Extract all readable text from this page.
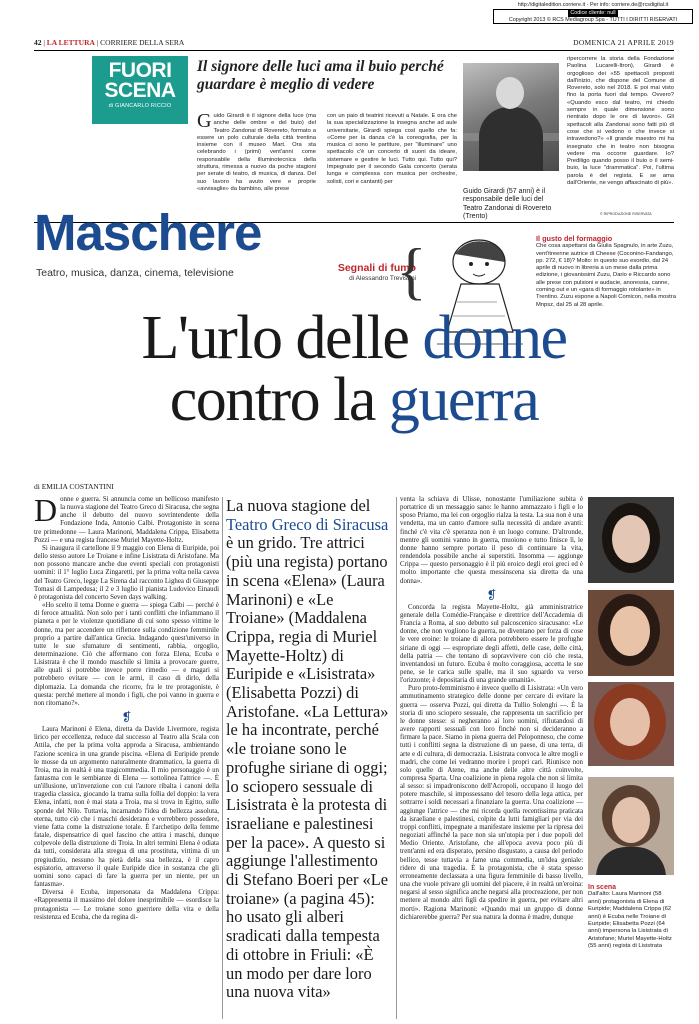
http://digitaledition.corriere.it - Per info: corriere.de@rcsdigital.it
Codice cliente: null
Copyright 2013 © RCS Mediagroup Spa - TUTTI I DIRITTI RISERVATI
42 | LA LETTURA | CORRIERE DELLA SERA	DOMENICA 21 APRILE 2019
FUORI
SCENA
di GIANCARLO RICCIO
Il signore delle luci ama il buio perché guardare è meglio di vedere
Guido Girardi è il signore della luce (ma anche delle ombre e del buio) del Teatro Zandonai di Rovereto, formato a essere un polo culturale della città trentina insieme con il museo Mart. Ora sta celebrando i (primi) vent'anni come responsabile della illuminotecnica della struttura, rimessa a nuovo da poche stagioni per serate di teatro, di musica, di danza. Del suo lavoro ha avuto vere e proprie «avvisaglie» da bambino, alle prese
con un paio di teatrini ricevuti a Natale. E ora che la sua specializzazione la insegna anche ad aule universitarie, Girardi spiega così quello che fa: «Come per la danza c'è la coreografia, per la musica ci sono le partiture, per "illuminare" uno spettacolo c'è un concerto di suoni da ideare, sistemare e gestire le luci. Tutto qui. Tutto qui? Impegnato per il secondo Gala concerto (serata lunga e complessa con musica per orchestre, solisti, cori e cantanti) per
ripercorrere la storia della Fondazione Paolina Lucarelli-Itron), Girardi è orgoglioso dei «55 spettacoli proposti dall'inizio, che dispone del Comune di Rovereto, solo nel 2018. E poi mai visto fino la porta fuori dal tempo. Ovvero? «Quando esco dal teatro, mi chiedo sempre in quale dimensione sono rientrato dopo le ore di lavoro». Gli spettacoli alla Zandonai sono fatti più di cose che si vedono o che invece si intravedono?» «Il grande maestro mi ha insegnato che in teatro non bisogna vedere ma occorre guardare. Io? Prediligo quando posso il buio o il semi-buio, la luce "drammatica". Poi, l'ultima parola è del regista. E se ama dall'Oriente, ne vengo affascinato di più».
Guido Girardi (57 anni) è il responsabile delle luci del Teatro Zandonai di Rovereto (Trento)	© RIPRODUZIONE RISERVATA
Maschere
Teatro, musica, danza, cinema, televisione	Segnali di fumo
di Alessandro Trevisani
{	Il gusto del formaggio
Che cosa aspettarsi da Giulia Spagnulo, in arte Zuzu, vent'itreenne autrice di Cheese (Coconino-Fandango, pp. 272, € 18)? Molto: in questo suo esordio, dal 24 aprile di nuovo in libreria a un mese dalla prima edizione, i giovanissimi Zuzu, Dario e Riccardo sono alle prese con pulsioni e audacie, anoressia, canne, coming out e un «gara di formaggio rotolante» in Trentino. Zuzu espone a Napoli Comicon, nella mostra Mnpsz, dal 25 al 28 aprile.
L'urlo delle donne
contro la guerra
di EMILIA COSTANTINI

Donne e guerra. Si annuncia come un bellicoso manifesto la nuova stagione del Teatro Greco di Siracusa, che segna anche il debutto del nuovo sovrintendente della Fondazione Inda, Antonio Calbi. Protagoniste in scena tre primedonne — Laura Marinoni, Maddalena Crippa, Elisabetta Pozzi — e una regista francese Muriel Mayette-Holtz.

Si inaugura il cartellone il 9 maggio con Elena di Euripide, poi dello stesso autore Le Troiane e infine Lisistrata di Aristofane. Ma non possono mancare anche due eventi speciali con protagonisti uomini: il 1° luglio Luca Zingaretti, per la prima volta nella cavea del Teatro Greco, legge La Sirena dal racconto Lighea di Giuseppe Tomasi di Lampedusa; il 2 e 3 luglio il pianista Ludovico Einaudi è protagonista del concerto Seven days walking.

«Ho scelto il tema Donne e guerra — spiega Calbi — perché è di feroce attualità. Non solo per i tanti conflitti che infiammano il pianeta e per le violenze quotidiane di cui sono spesso vittime le donne, ma per accendere un riflettore sulla condizione femminile proprio a partire dall'antica Grecia. Indagando quest'universo in tutte le sue sfumature di sentimenti, rabbia, orgoglio, determinazione. Ciò che affermano con forza Elena, Ecuba e Lisistrata è che il mondo maschile si limita a provocare guerre, alle quali si potrebbe invece porre rimedio — e magari si potrebbero evitare — con le armi, il caso di dirlo, della diplomazia. La domanda che ricorre, fra le tre protagoniste, è questa: perché mettere al mondo i figli, che poi vanno in guerra e non ritornano?».

❡

Laura Marinoni è Elena, diretta da Davide Livermore, regista lirico per eccellenza, reduce dal successo al Teatro alla Scala con Attila, che per la prima volta approda a Siracusa, ambientando l'azione scenica in una grande piscina. «Elena di Euripide prende le mosse da un argomento naturalmente drammatico, la guerra di Troia, ma in realtà è una tragicommedia. Il mio personaggio è un fantasma con le sembianze di Elena — sottolinea l'attrice —. È un'illusione, un'invenzione con cui l'autore ribalta i canoni della tragedia classica, giocando la trama sulla follia del doppio: la vera Elena, infatti, non è mai stata a Troia, ma si trova in Egitto, sulle sponde del Nilo. Tuttavia, incarnando l'idea di bellezza assoluta, eterna, tutto ciò che i maschi desiderano e vorrebbero possedere, viene fatta come la distruzione totale. È l'archetipo della femme fatale, dispensatrice di quel fascino che attira i maschi, dunque colpevole della distruzione di Troia. In altri termini Elena è odiata da tutti, considerata alla stregua di una prostituta, vittima di un pregiudizio, nessuno ha pietà della sua bellezza, è il capro espiatorio, attraverso il quale Euripide dice in sostanza che gli uomini sono capaci di fare la guerra per un niente, per un fantasma».

Diversa è Ecuba, impersonata da Maddalena Crippa: «Rappresenta il massimo del dolore inesprimibile — esordisce la protagonista — Le troiane sono guerriere della vita e della resistenza ed Ecuba, che da regina di-

La nuova stagione del Teatro Greco di Siracusa è un grido. Tre attrici (più una regista) portano in scena «Elena» (Laura Marinoni) e «Le Troiane» (Maddalena Crippa, regia di Muriel Mayette-Holtz) di Euripide e «Lisistrata» (Elisabetta Pozzi) di Aristofane. «La Lettura» le ha incontrate, perché «le troiane sono le profughe siriane di oggi; lo sciopero sessuale di Lisistrata è la protesta di israeliane e palestinesi per la pace». A questo si aggiunge l'allestimento di Stefano Boeri per «Le troiane» (a pagina 45): ho usato gli alberi sradicati dalla tempesta di ottobre in Friuli: «È un modo per dare loro una nuova vita»

venta la schiava di Ulisse, nonostante l'umiliazione subita è portatrice di un messaggio sano: le hanno ammazzato i figli e lo sposo Priamo, ma lei con orgoglio rialza la testa. La sua non è una vendetta, ma un canto d'amore sulla necessità di andare avanti: finché c'è vita c'è speranza non è un luogo comune. D'altronde, mentre gli uomini vanno in guerra, muoiono e tutto finisce lì, le donne hanno sempre portato il peso di continuare la vita, rendendola possibile anche ai superstiti. Insomma — aggiunge Crippa — questo personaggio è il più eroico degli eroi greci ed è molto importante che questa messinscena sia diretta da una donna».

❡

Concorda la regista Mayette-Holtz, già amministratrice generale della Comédie-Française e direttrice dell'Accademia di Francia a Roma, al suo debutto sul palcoscenico siracusano: «Le donne, che non vogliono la guerra, ne diventano per forza di cose le vere eroine: le troiane di allora potrebbero essere le profughe siriane di oggi — espropriate degli affetti, delle case, delle città, della patria — che tentano di sopravvivere con ciò che resta, inventandosi un futuro. Ecuba è molto coraggiosa, accetta le sue pene, se le carica sulle spalle, ma il suo sguardo va verso l'orizzonte; è depositaria di una grande umanità».

Puro proto-femminismo è invece quello di Lisistrata: «Un vero ammutinamento strategico delle donne per cercare di evitare la guerra — osserva Pozzi, qui diretta da Tullio Solenghi —. È la storia di uno sciopero sessuale, che rappresenta un sacrificio per le donne stesse: si negheranno ai loro uomini, rifiutandosi di avere rapporti sessuali con loro finché non si decideranno a firmare la pace. Siamo in piena guerra del Peloponneso, che come tutti i conflitti segna la distruzione di un paese, di una terra, di arte e di cultura, di democrazia. Lisistrata convoca le altre mogli e madri, che come lei vedranno morire i propri cari. Riunisce non solo quelle di Atene, ma anche delle altre città coinvolte, compresa Sparta. Una coalizione in piena regola che non si limita al sesso: si impadroniscono dell'Acropoli, occupano il luogo del potere maschile, si impossessano del tesoro della lega attica, per sottrarre i soldi necessari a finanziare la guerra. Una coalizione — aggiunge l'attrice — che mi ricorda quella recentissima praticata da israeliane e palestinesi, colpite da lutti famigliari per via dei troppi conflitti, impegnate a manifestare insieme per la ripresa dei negoziati affinché la pace non sia un'utopia per i due popoli del Medio Oriente. Aristofane, che all'epoca aveva poco più di trent'anni ed era disperato, persino disgustato, a causa del periodo bellico, tesse tuttavia a fame una commedia, un'idea geniale: ridere di una tragedia. È la protagonista, che è stata spesso erroneamente declassata a una figura femminile di basso livello, una che vuole privare gli uomini del piacere, è in realtà un'eroina: negarsi al sesso significa anche negarsi alla procreazione, per non mettere al mondo altri figli da spedire in guerra, per evitare altri morti». Ragiona Marinoni: «Quando mai un gruppo di donne dichiarerebbe guerra? Per sua natura la donna è madre, dunque

In scena
Dall'alto: Laura Marinoni (58 anni) protagonista di Elena di Euripide; Maddalena Crippa (62 anni) è Ecuba nelle Troiane di Euripide; Elisabetta Pozzi (64 anni) impersona la Lisistrata di Aristofane; Muriel Mayette-Holtz (55 anni) regista di Lisistrata
